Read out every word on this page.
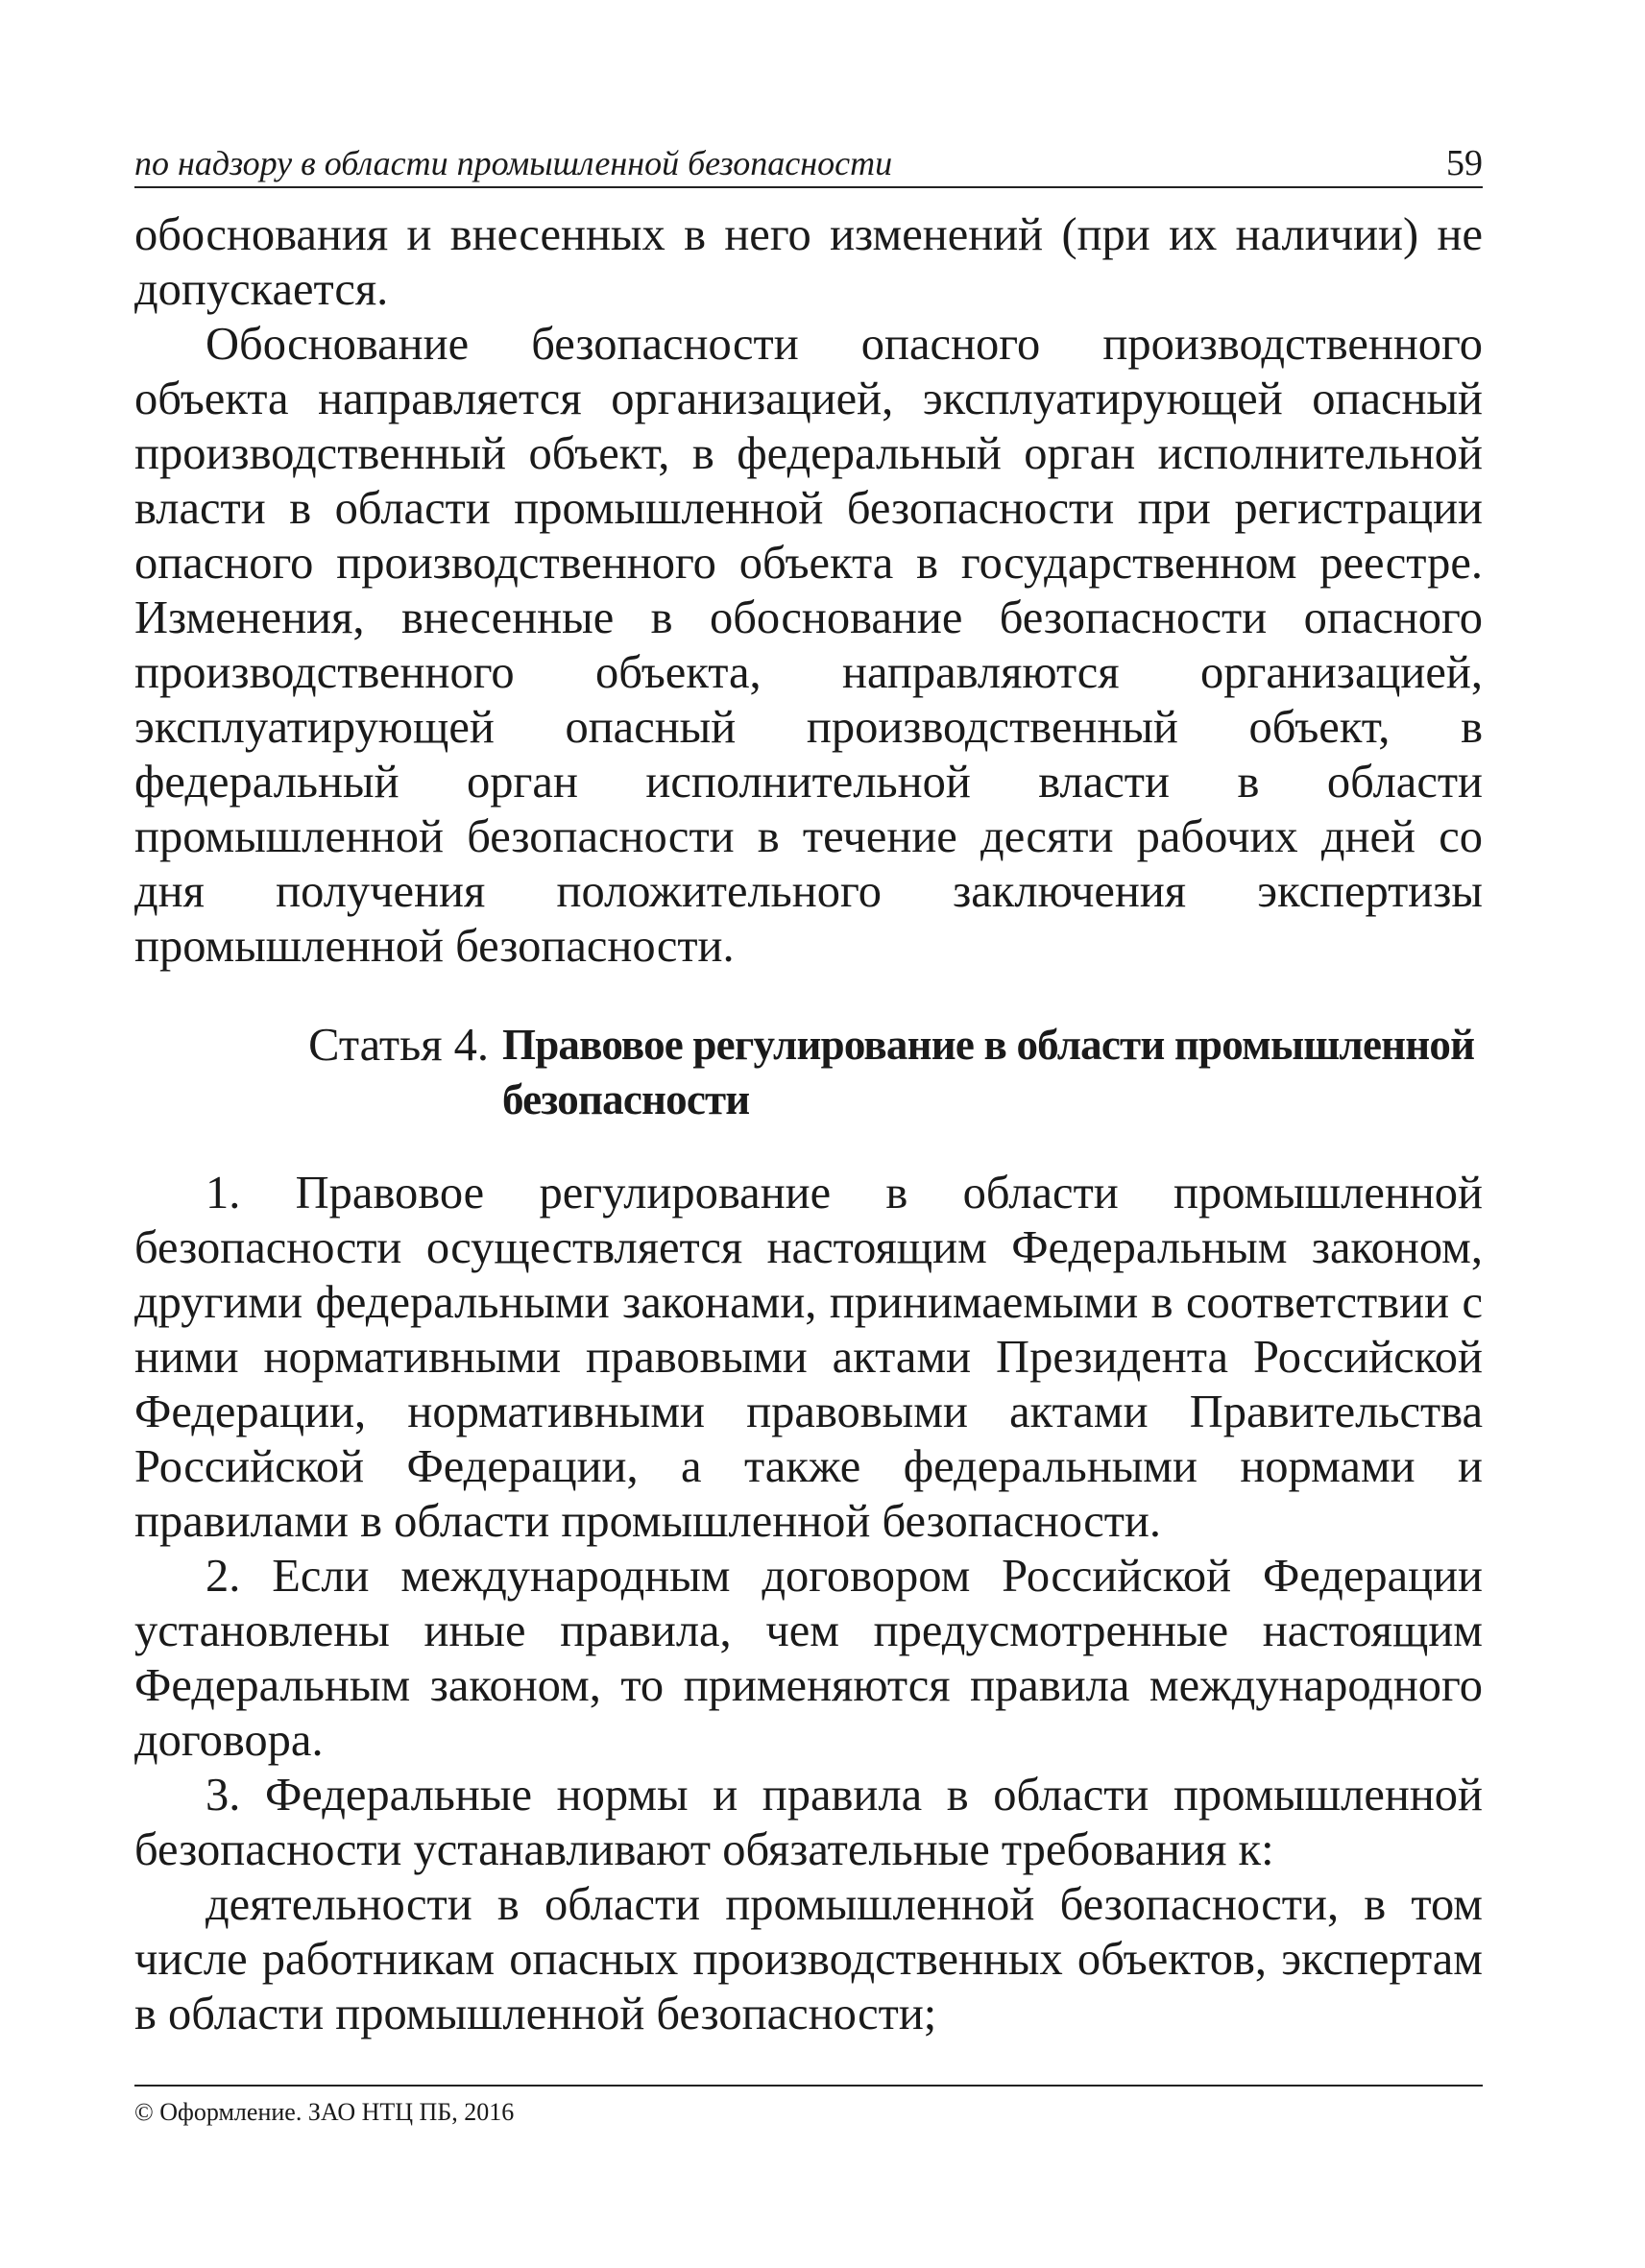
по надзору в области промышленной безопасности	59

обоснования и внесенных в него изменений (при их наличии) не допускается.

Обоснование безопасности опасного производственного объекта направляется организацией, эксплуатирующей опасный производственный объект, в федеральный орган исполнительной власти в области промышленной безопасности при регистрации опасного производственного объекта в государственном реестре. Изменения, внесенные в обоснование безопасности опасного производственного объекта, направляются организацией, эксплуатирующей опасный производственный объект, в федеральный орган исполнительной власти в области промышленной безопасности в течение десяти рабочих дней со дня получения положительного заключения экспертизы промышленной безопасности.

Статья 4. Правовое регулирование в области промышленной безопасности

1. Правовое регулирование в области промышленной безопасности осуществляется настоящим Федеральным законом, другими федеральными законами, принимаемыми в соответствии с ними нормативными правовыми актами Президента Российской Федерации, нормативными правовыми актами Правительства Российской Федерации, а также федеральными нормами и правилами в области промышленной безопасности.

2. Если международным договором Российской Федерации установлены иные правила, чем предусмотренные настоящим Федеральным законом, то применяются правила международного договора.

3. Федеральные нормы и правила в области промышленной безопасности устанавливают обязательные требования к:

деятельности в области промышленной безопасности, в том числе работникам опасных производственных объектов, экспертам в области промышленной безопасности;

© Оформление. ЗАО НТЦ ПБ, 2016
